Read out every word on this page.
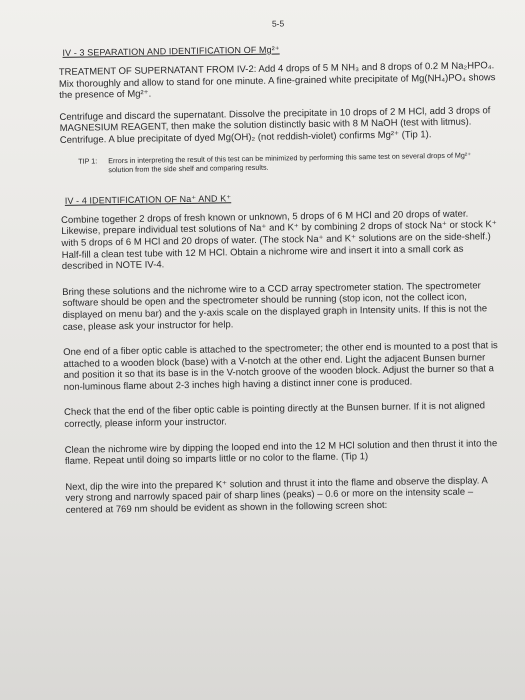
5-5
IV - 3 SEPARATION AND IDENTIFICATION OF Mg²⁺

TREATMENT OF SUPERNATANT FROM IV-2: Add 4 drops of 5 M NH₃ and 8 drops of 0.2 M Na₂HPO₄. Mix thoroughly and allow to stand for one minute. A fine-grained white precipitate of Mg(NH₄)PO₄ shows the presence of Mg²⁺.

Centrifuge and discard the supernatant. Dissolve the precipitate in 10 drops of 2 M HCl, add 3 drops of MAGNESIUM REAGENT, then make the solution distinctly basic with 8 M NaOH (test with litmus). Centrifuge. A blue precipitate of dyed Mg(OH)₂ (not reddish-violet) confirms Mg²⁺ (Tip 1).

TIP 1: Errors in interpreting the result of this test can be minimized by performing this same test on several drops of Mg²⁺ solution from the side shelf and comparing results.

IV - 4 IDENTIFICATION OF Na⁺ AND K⁺

Combine together 2 drops of fresh known or unknown, 5 drops of 6 M HCl and 20 drops of water. Likewise, prepare individual test solutions of Na⁺ and K⁺ by combining 2 drops of stock Na⁺ or stock K⁺ with 5 drops of 6 M HCl and 20 drops of water. (The stock Na⁺ and K⁺ solutions are on the side-shelf.) Half-fill a clean test tube with 12 M HCl. Obtain a nichrome wire and insert it into a small cork as described in NOTE IV-4.

Bring these solutions and the nichrome wire to a CCD array spectrometer station. The spectrometer software should be open and the spectrometer should be running (stop icon, not the collect icon, displayed on menu bar) and the y-axis scale on the displayed graph in Intensity units. If this is not the case, please ask your instructor for help.

One end of a fiber optic cable is attached to the spectrometer; the other end is mounted to a post that is attached to a wooden block (base) with a V-notch at the other end. Light the adjacent Bunsen burner and position it so that its base is in the V-notch groove of the wooden block. Adjust the burner so that a non-luminous flame about 2-3 inches high having a distinct inner cone is produced.

Check that the end of the fiber optic cable is pointing directly at the Bunsen burner. If it is not aligned correctly, please inform your instructor.

Clean the nichrome wire by dipping the looped end into the 12 M HCl solution and then thrust it into the flame. Repeat until doing so imparts little or no color to the flame. (Tip 1)

Next, dip the wire into the prepared K⁺ solution and thrust it into the flame and observe the display. A very strong and narrowly spaced pair of sharp lines (peaks) – 0.6 or more on the intensity scale – centered at 769 nm should be evident as shown in the following screen shot:
